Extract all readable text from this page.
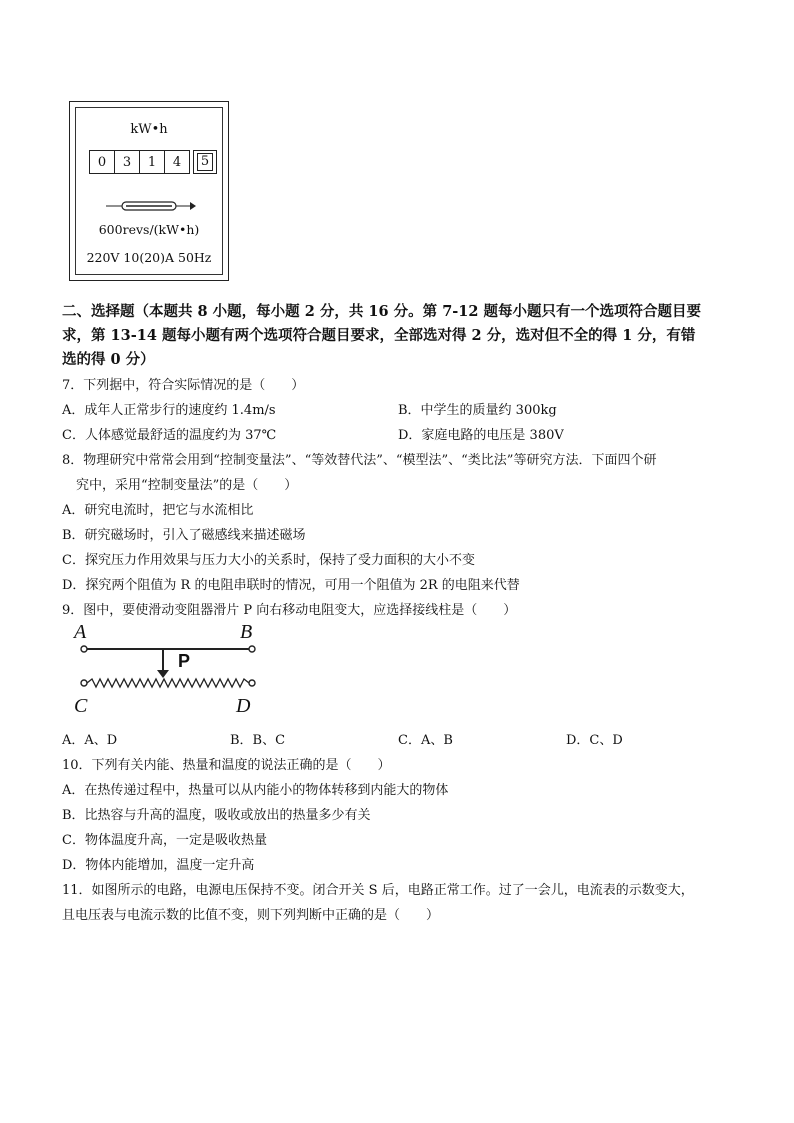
kW•h
0	3	1	4	5
600revs/(kW•h)
220V 10(20)A 50Hz
二、选择题（本题共 8 小题，每小题 2 分，共 16 分。第 7-12 题每小题只有一个选项符合题目要
求，第 13-14 题每小题有两个选项符合题目要求，全部选对得 2 分，选对但不全的得 1 分，有错
选的得 0 分）
7．下列据中，符合实际情况的是（　　）
A．成年人正常步行的速度约 1.4m/s	B．中学生的质量约 300kg
C．人体感觉最舒适的温度约为 37℃	D．家庭电路的电压是 380V
8．物理研究中常常会用到“控制变量法”、“等效替代法”、“模型法”、“类比法”等研究方法．下面四个研
究中，采用“控制变量法”的是（　　）
A．研究电流时，把它与水流相比
B．研究磁场时，引入了磁感线来描述磁场
C．探究压力作用效果与压力大小的关系时，保持了受力面积的大小不变
D．探究两个阻值为 R 的电阻串联时的情况，可用一个阻值为 2R 的电阻来代替
9．图中，要使滑动变阻器滑片 P 向右移动电阻变大，应选择接线柱是（　　）
A	B
P
C	D
A．A、D	B．B、C	C．A、B	D．C、D
10．下列有关内能、热量和温度的说法正确的是（　　）
A．在热传递过程中，热量可以从内能小的物体转移到内能大的物体
B．比热容与升高的温度，吸收或放出的热量多少有关
C．物体温度升高，一定是吸收热量
D．物体内能增加，温度一定升高
11．如图所示的电路，电源电压保持不变。闭合开关 S 后，电路正常工作。过了一会儿，电流表的示数变大，
且电压表与电流示数的比值不变，则下列判断中正确的是（　　）
